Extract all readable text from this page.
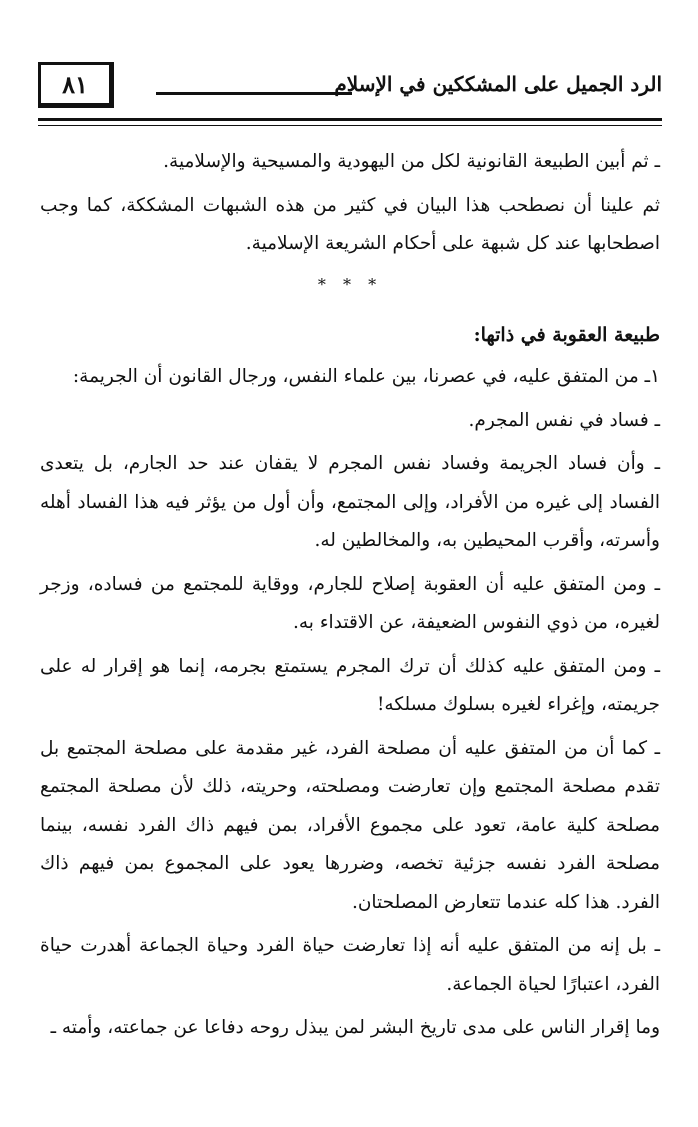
٨١	الرد الجميل على المشككين في الإسلام

ـ ثم أبين الطبيعة القانونية لكل من اليهودية والمسيحية والإسلامية.

ثم علينا أن نصطحب هذا البيان في كثير من هذه الشبهات المشككة، كما وجب اصطحابها عند كل شبهة على أحكام الشريعة الإسلامية.

* * *
طبيعة العقوبة في ذاتها:

١ـ من المتفق عليه، في عصرنا، بين علماء النفس، ورجال القانون أن الجريمة:

ـ فساد في نفس المجرم.

ـ وأن فساد الجريمة وفساد نفس المجرم لا يقفان عند حد الجارم، بل يتعدى الفساد إلى غيره من الأفراد، وإلى المجتمع، وأن أول من يؤثر فيه هذا الفساد أهله وأسرته، وأقرب المحيطين به، والمخالطين له.

ـ ومن المتفق عليه أن العقوبة إصلاح للجارم، ووقاية للمجتمع من فساده، وزجر لغيره، من ذوي النفوس الضعيفة، عن الاقتداء به.

ـ ومن المتفق عليه كذلك أن ترك المجرم يستمتع بجرمه، إنما هو إقرار له على جريمته، وإغراء لغيره بسلوك مسلكه!

ـ كما أن من المتفق عليه أن مصلحة الفرد، غير مقدمة على مصلحة المجتمع بل تقدم مصلحة المجتمع وإن تعارضت ومصلحته، وحريته، ذلك لأن مصلحة المجتمع مصلحة كلية عامة، تعود على مجموع الأفراد، بمن فيهم ذاك الفرد نفسه، بينما مصلحة الفرد نفسه جزئية تخصه، وضررها يعود على المجموع بمن فيهم ذاك الفرد. هذا كله عندما تتعارض المصلحتان.

ـ بل إنه من المتفق عليه أنه إذا تعارضت حياة الفرد وحياة الجماعة أهدرت حياة الفرد، اعتبارًا لحياة الجماعة.

وما إقرار الناس على مدى تاريخ البشر لمن يبذل روحه دفاعا عن جماعته، وأمته ـ
